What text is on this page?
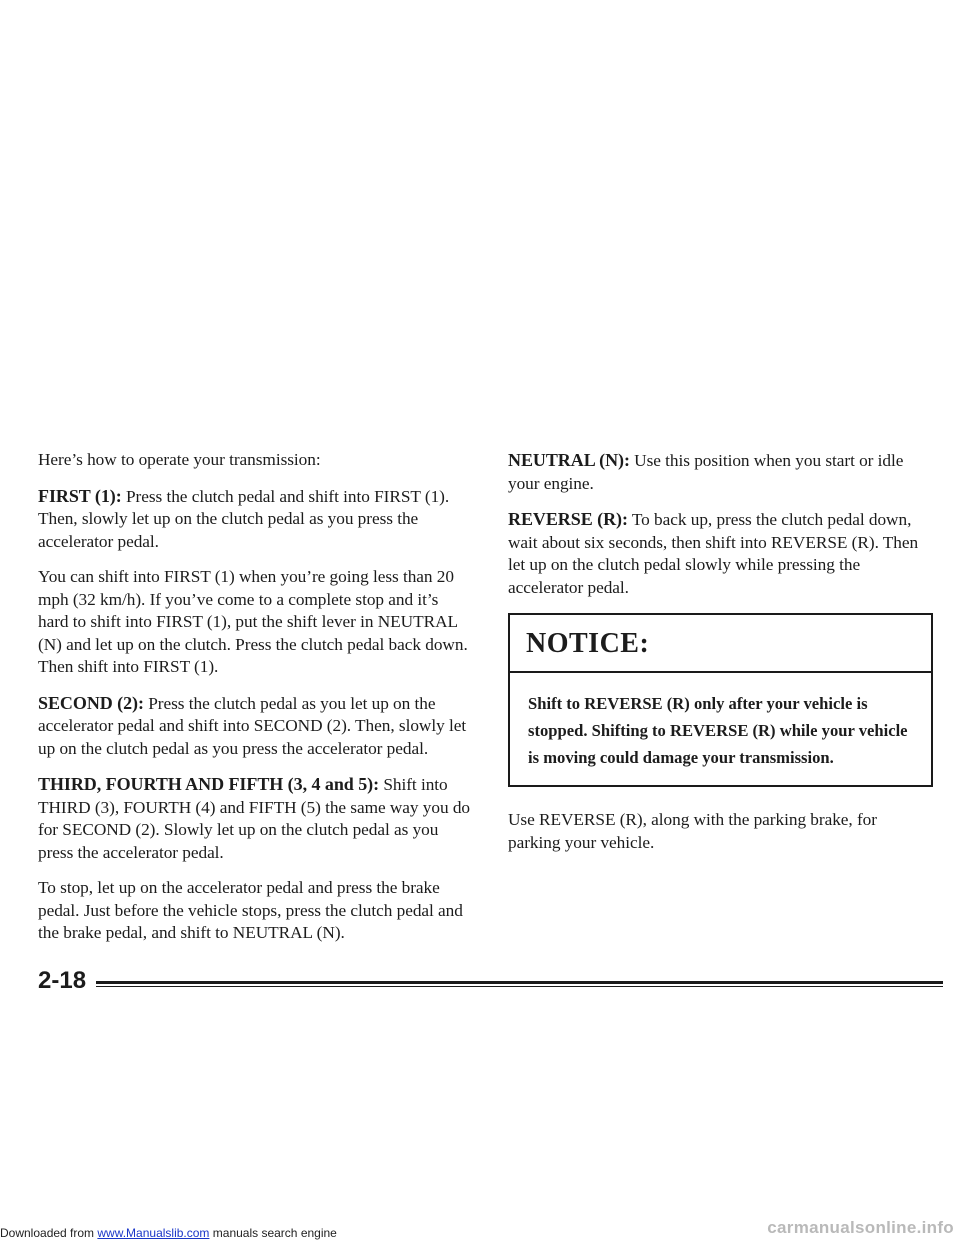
Here’s how to operate your transmission:

FIRST (1): Press the clutch pedal and shift into FIRST (1). Then, slowly let up on the clutch pedal as you press the accelerator pedal.

You can shift into FIRST (1) when you’re going less than 20 mph (32 km/h). If you’ve come to a complete stop and it’s hard to shift into FIRST (1), put the shift lever in NEUTRAL (N) and let up on the clutch. Press the clutch pedal back down. Then shift into FIRST (1).

SECOND (2): Press the clutch pedal as you let up on the accelerator pedal and shift into SECOND (2). Then, slowly let up on the clutch pedal as you press the accelerator pedal.

THIRD, FOURTH AND FIFTH (3, 4 and 5): Shift into THIRD (3), FOURTH (4) and FIFTH (5) the same way you do for SECOND (2). Slowly let up on the clutch pedal as you press the accelerator pedal.

To stop, let up on the accelerator pedal and press the brake pedal. Just before the vehicle stops, press the clutch pedal and the brake pedal, and shift to NEUTRAL (N).

NEUTRAL (N): Use this position when you start or idle your engine.

REVERSE (R): To back up, press the clutch pedal down, wait about six seconds, then shift into REVERSE (R). Then let up on the clutch pedal slowly while pressing the accelerator pedal.

NOTICE:
Shift to REVERSE (R) only after your vehicle is stopped. Shifting to REVERSE (R) while your vehicle is moving could damage your transmission.

Use REVERSE (R), along with the parking brake, for parking your vehicle.

2-18
Downloaded from www.Manualslib.com manuals search engine	carmanualsonline.info
